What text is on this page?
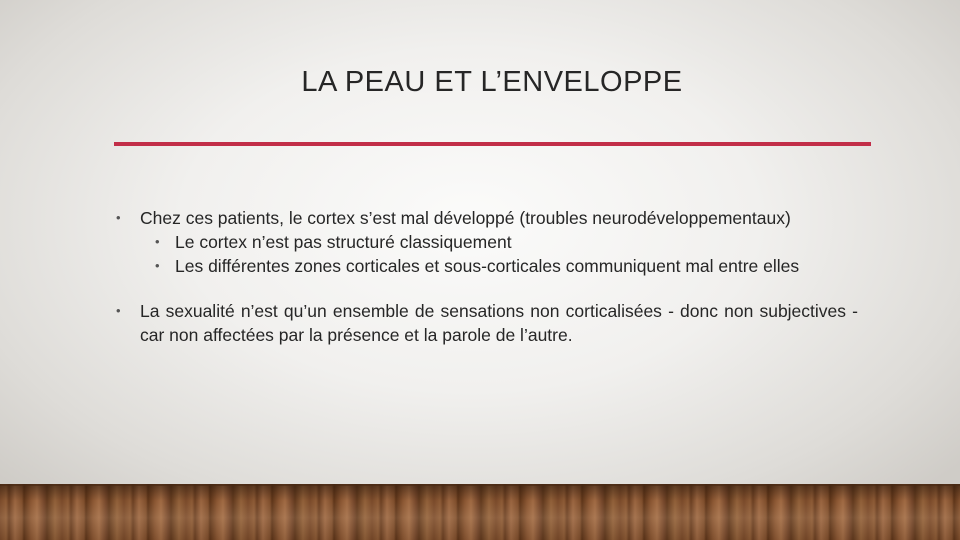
LA PEAU ET L’ENVELOPPE

• Chez ces patients, le cortex s’est mal développé (troubles neurodéveloppementaux)

• Le cortex n’est pas structuré classiquement

• Les différentes zones corticales et sous-corticales communiquent mal entre elles

• La sexualité n’est qu’un ensemble de sensations non corticalisées - donc non subjectives - car non affectées par la présence et la parole de l’autre.
